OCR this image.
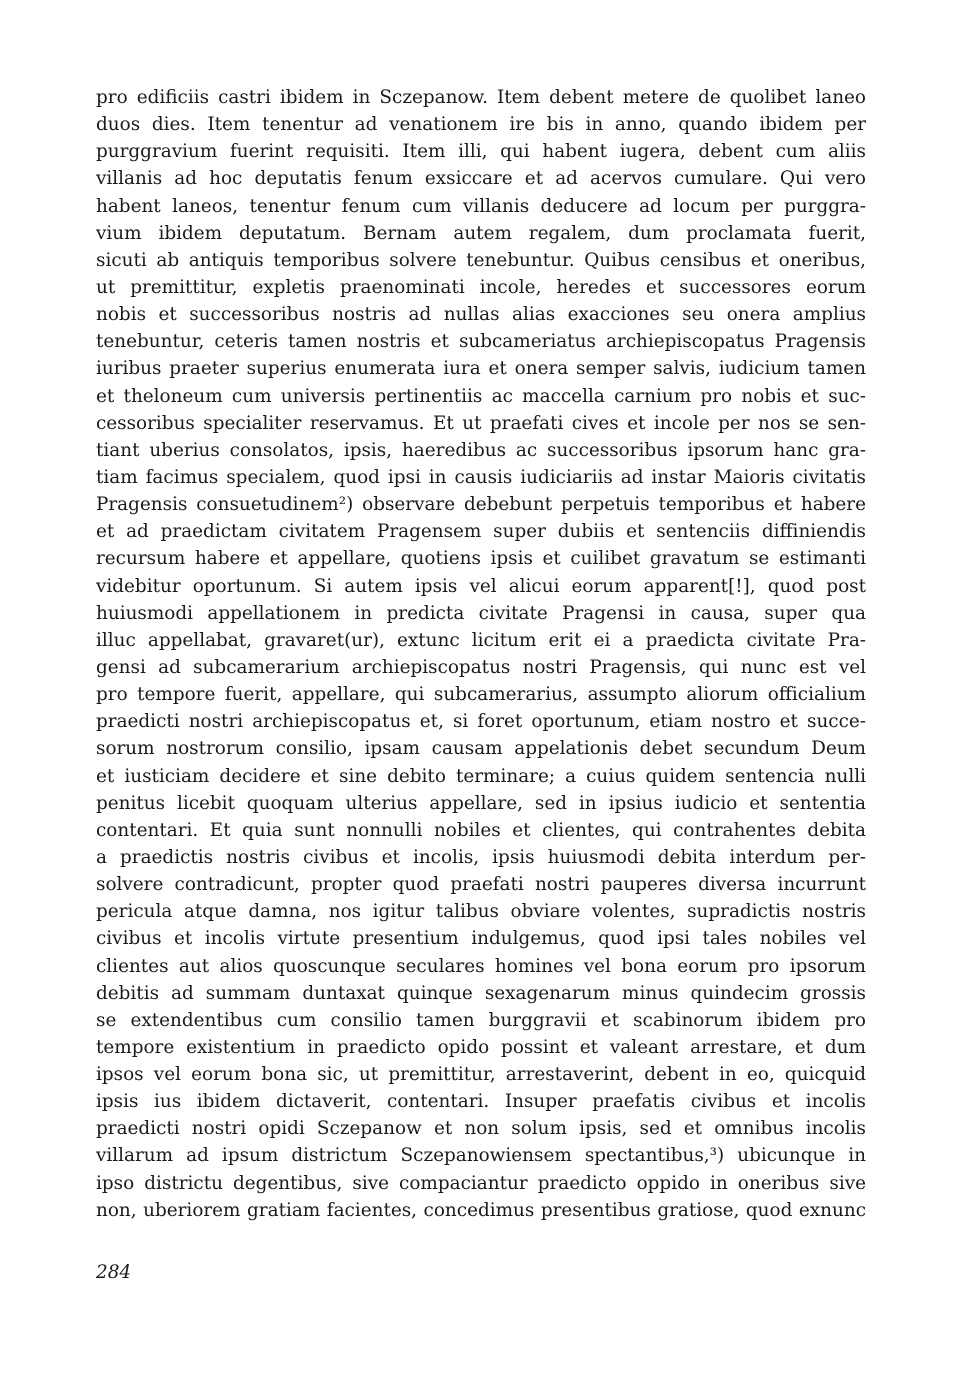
pro edificiis castri ibidem in Sczepanow. Item debent metere de quolibet laneo
duos dies. Item tenentur ad venationem ire bis in anno, quando ibidem per
purggravium fuerint requisiti. Item illi, qui habent iugera, debent cum aliis
villanis ad hoc deputatis fenum exsiccare et ad acervos cumulare. Qui vero
habent laneos, tenentur fenum cum villanis deducere ad locum per purggra-
vium ibidem deputatum. Bernam autem regalem, dum proclamata fuerit,
sicuti ab antiquis temporibus solvere tenebuntur. Quibus censibus et oneribus,
ut premittitur, expletis praenominati incole, heredes et successores eorum
nobis et successoribus nostris ad nullas alias exacciones seu onera amplius
tenebuntur, ceteris tamen nostris et subcameriatus archiepiscopatus Pragensis
iuribus praeter superius enumerata iura et onera semper salvis, iudicium tamen
et theloneum cum universis pertinentiis ac maccella carnium pro nobis et suc-
cessoribus specialiter reservamus. Et ut praefati cives et incole per nos se sen-
tiant uberius consolatos, ipsis, haeredibus ac successoribus ipsorum hanc gra-
tiam facimus specialem, quod ipsi in causis iudiciariis ad instar Maioris civitatis
Pragensis consuetudinem²) observare debebunt perpetuis temporibus et habere
et ad praedictam civitatem Pragensem super dubiis et sentenciis diffiniendis
recursum habere et appellare, quotiens ipsis et cuilibet gravatum se estimanti
videbitur oportunum. Si autem ipsis vel alicui eorum apparent[!], quod post
huiusmodi appellationem in predicta civitate Pragensi in causa, super qua
illuc appellabat, gravaret(ur), extunc licitum erit ei a praedicta civitate Pra-
gensi ad subcamerarium archiepiscopatus nostri Pragensis, qui nunc est vel
pro tempore fuerit, appellare, qui subcamerarius, assumpto aliorum officialium
praedicti nostri archiepiscopatus et, si foret oportunum, etiam nostro et succe-
sorum nostrorum consilio, ipsam causam appelationis debet secundum Deum
et iusticiam decidere et sine debito terminare; a cuius quidem sentencia nulli
penitus licebit quoquam ulterius appellare, sed in ipsius iudicio et sententia
contentari. Et quia sunt nonnulli nobiles et clientes, qui contrahentes debita
a praedictis nostris civibus et incolis, ipsis huiusmodi debita interdum per-
solvere contradicunt, propter quod praefati nostri pauperes diversa incurrunt
pericula atque damna, nos igitur talibus obviare volentes, supradictis nostris
civibus et incolis virtute presentium indulgemus, quod ipsi tales nobiles vel
clientes aut alios quoscunque seculares homines vel bona eorum pro ipsorum
debitis ad summam duntaxat quinque sexagenarum minus quindecim grossis
se extendentibus cum consilio tamen burggravii et scabinorum ibidem pro
tempore existentium in praedicto opido possint et valeant arrestare, et dum
ipsos vel eorum bona sic, ut premittitur, arrestaverint, debent in eo, quicquid
ipsis ius ibidem dictaverit, contentari. Insuper praefatis civibus et incolis
praedicti nostri opidi Sczepanow et non solum ipsis, sed et omnibus incolis
villarum ad ipsum districtum Sczepanowiensem spectantibus,³) ubicunque in
ipso districtu degentibus, sive compaciantur praedicto oppido in oneribus sive
non, uberiorem gratiam facientes, concedimus presentibus gratiose, quod exnunc
284
